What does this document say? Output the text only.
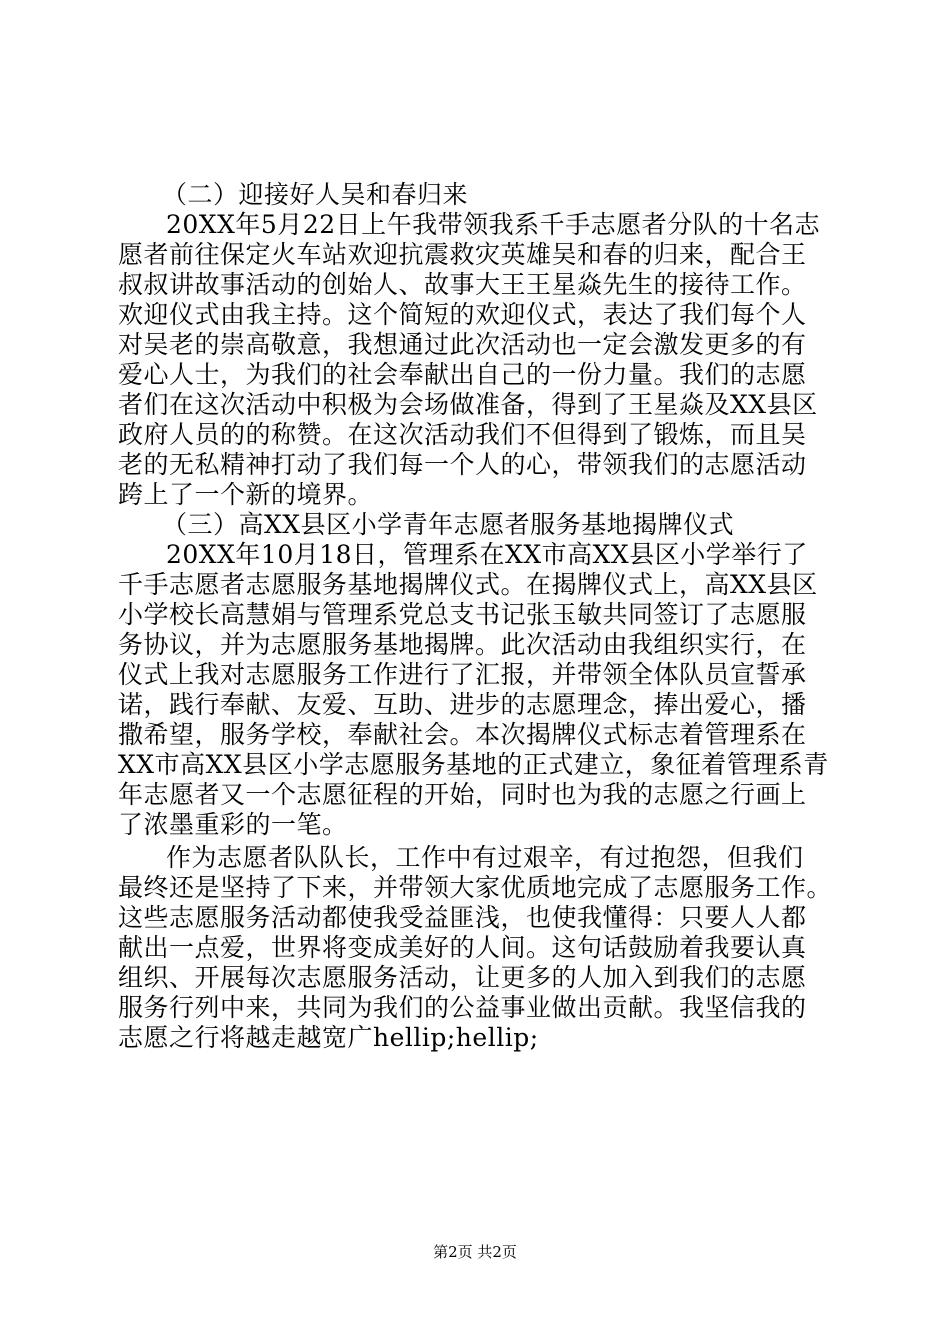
（二）迎接好人吴和春归来
20XX年5月22日上午我带领我系千手志愿者分队的十名志
愿者前往保定火车站欢迎抗震救灾英雄吴和春的归来，配合王
叔叔讲故事活动的创始人、故事大王王星焱先生的接待工作。
欢迎仪式由我主持。这个简短的欢迎仪式，表达了我们每个人
对吴老的崇高敬意，我想通过此次活动也一定会激发更多的有
爱心人士，为我们的社会奉献出自己的一份力量。我们的志愿
者们在这次活动中积极为会场做准备，得到了王星焱及XX县区
政府人员的的称赞。在这次活动我们不但得到了锻炼，而且吴
老的无私精神打动了我们每一个人的心，带领我们的志愿活动
跨上了一个新的境界。
（三）高XX县区小学青年志愿者服务基地揭牌仪式
20XX年10月18日，管理系在XX市高XX县区小学举行了
千手志愿者志愿服务基地揭牌仪式。在揭牌仪式上，高XX县区
小学校长高慧娟与管理系党总支书记张玉敏共同签订了志愿服
务协议，并为志愿服务基地揭牌。此次活动由我组织实行，在
仪式上我对志愿服务工作进行了汇报，并带领全体队员宣誓承
诺，践行奉献、友爱、互助、进步的志愿理念，捧出爱心，播
撒希望，服务学校，奉献社会。本次揭牌仪式标志着管理系在
XX市高XX县区小学志愿服务基地的正式建立，象征着管理系青
年志愿者又一个志愿征程的开始，同时也为我的志愿之行画上
了浓墨重彩的一笔。
作为志愿者队队长，工作中有过艰辛，有过抱怨，但我们
最终还是坚持了下来，并带领大家优质地完成了志愿服务工作。
这些志愿服务活动都使我受益匪浅，也使我懂得：只要人人都
献出一点爱，世界将变成美好的人间。这句话鼓励着我要认真
组织、开展每次志愿服务活动，让更多的人加入到我们的志愿
服务行列中来，共同为我们的公益事业做出贡献。我坚信我的
志愿之行将越走越宽广hellip;hellip;
第2页 共2页
